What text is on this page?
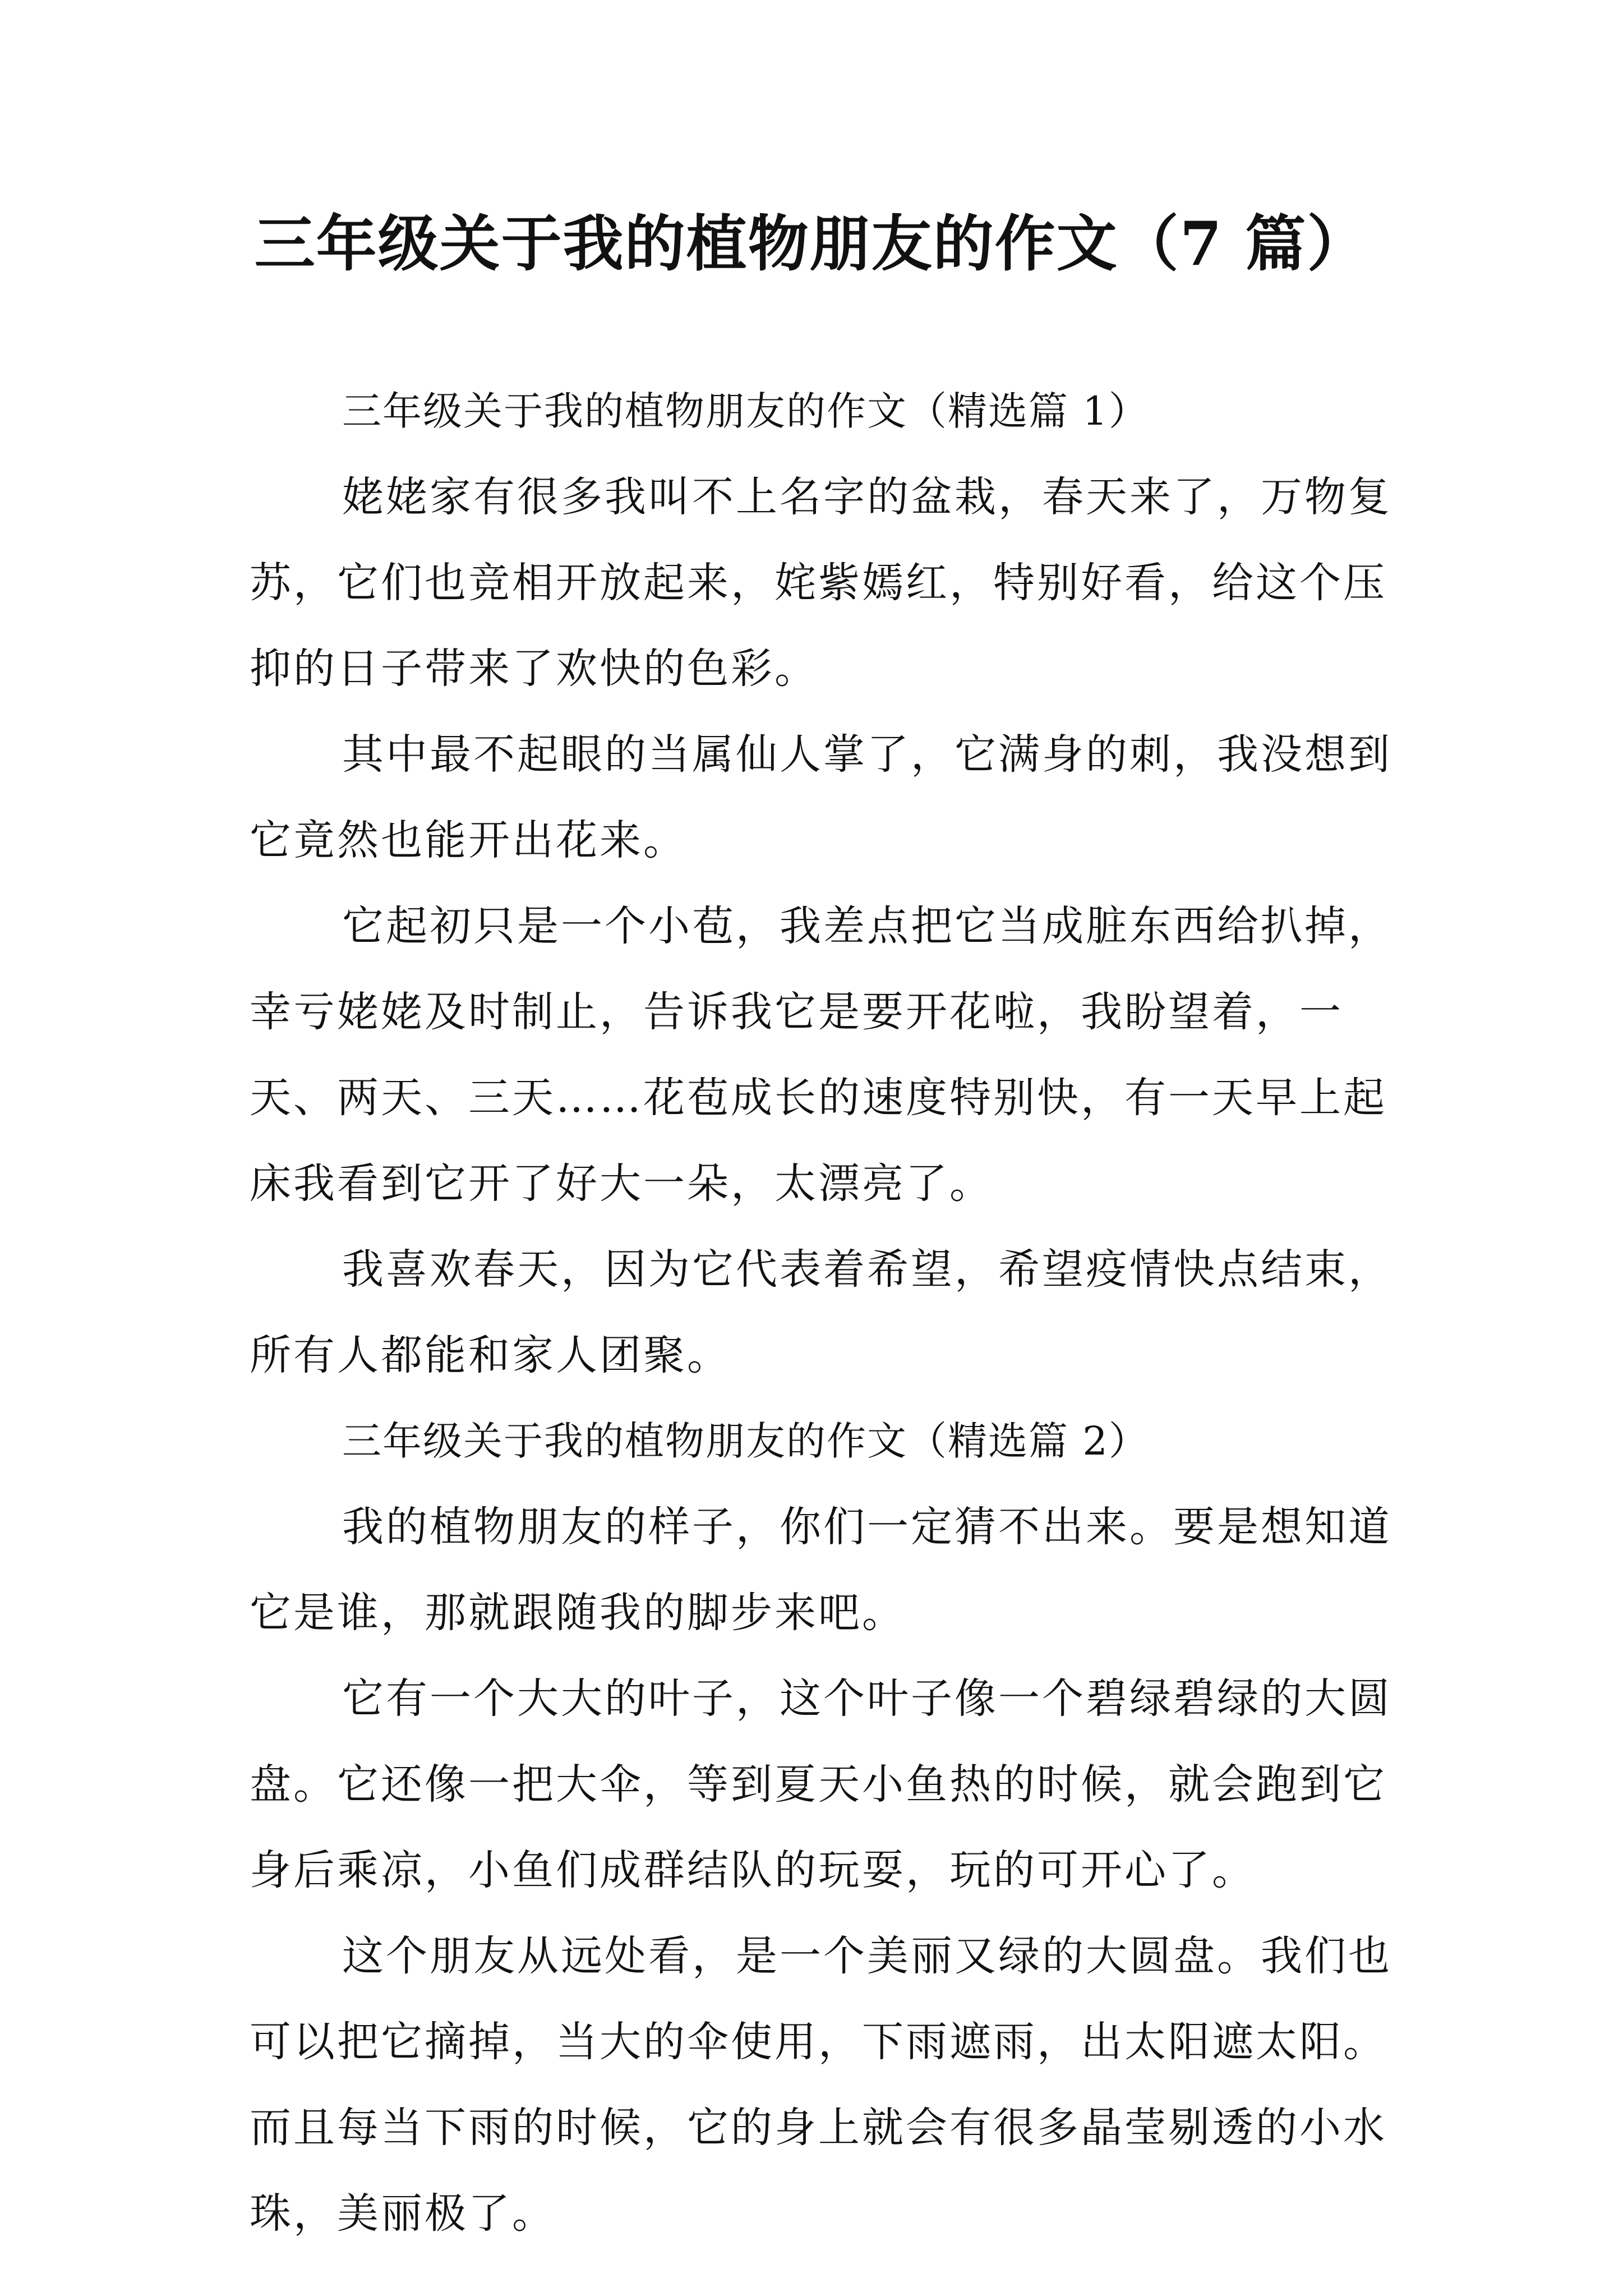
三年级关于我的植物朋友的作文（7 篇）

三年级关于我的植物朋友的作文（精选篇 1）

姥姥家有很多我叫不上名字的盆栽，春天来了，万物复苏，它们也竞相开放起来，姹紫嫣红，特别好看，给这个压抑的日子带来了欢快的色彩。

其中最不起眼的当属仙人掌了，它满身的刺，我没想到它竟然也能开出花来。

它起初只是一个小苞，我差点把它当成脏东西给扒掉，幸亏姥姥及时制止，告诉我它是要开花啦，我盼望着，一天、两天、三天……花苞成长的速度特别快，有一天早上起床我看到它开了好大一朵，太漂亮了。

我喜欢春天，因为它代表着希望，希望疫情快点结束，所有人都能和家人团聚。

三年级关于我的植物朋友的作文（精选篇 2）

我的植物朋友的样子，你们一定猜不出来。要是想知道它是谁，那就跟随我的脚步来吧。

它有一个大大的叶子，这个叶子像一个碧绿碧绿的大圆盘。它还像一把大伞，等到夏天小鱼热的时候，就会跑到它身后乘凉，小鱼们成群结队的玩耍，玩的可开心了。

这个朋友从远处看，是一个美丽又绿的大圆盘。我们也可以把它摘掉，当大的伞使用，下雨遮雨，出太阳遮太阳。而且每当下雨的时候，它的身上就会有很多晶莹剔透的小水珠，美丽极了。
